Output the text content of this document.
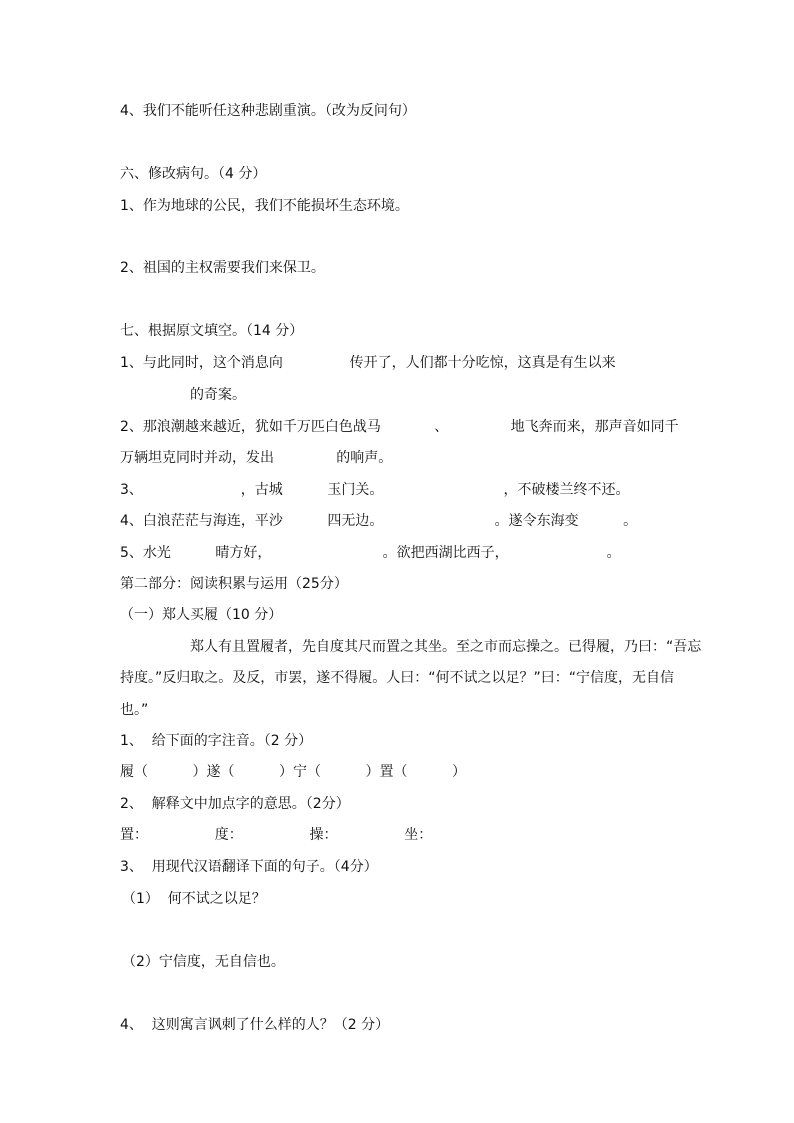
4、我们不能听任这种悲剧重演。（改为反问句）
六、修改病句。（4 分）
1、作为地球的公民，我们不能损坏生态环境。
2、祖国的主权需要我们来保卫。
七、根据原文填空。（14 分）
1、与此同时，这个消息向               传开了，人们都十分吃惊，这真是有生以来
的奇案。
2、那浪潮越来越近，犹如千万匹白色战马            、              地飞奔而来，那声音如同千
万辆坦克同时并动，发出              的响声。
3、                      ，古城          玉门关。                           ，不破楼兰终不还。
4、白浪茫茫与海连，平沙          四无边。                         。遂令东海变          。
5、水光          晴方好，                         。欲把西湖比西子，                      。
第二部分：阅读积累与运用（25分）
（一）郑人买履（10 分）
郑人有且置履者，先自度其尺而置之其坐。至之市而忘操之。已得履，乃曰：“吾忘
持度。”反归取之。及反，市罢，遂不得履。人曰：“何不试之以足？”曰：“宁信度，无自信
也。”
1、  给下面的字注音。（2 分）
履（          ）遂（          ）宁（          ）置（          ）
2、  解释文中加点字的意思。（2分）
置：               度：               操：               坐：
3、  用现代汉语翻译下面的句子。（4分）
（1）  何不试之以足？
（2）宁信度，无自信也。
4、  这则寓言讽刺了什么样的人？（2 分）
